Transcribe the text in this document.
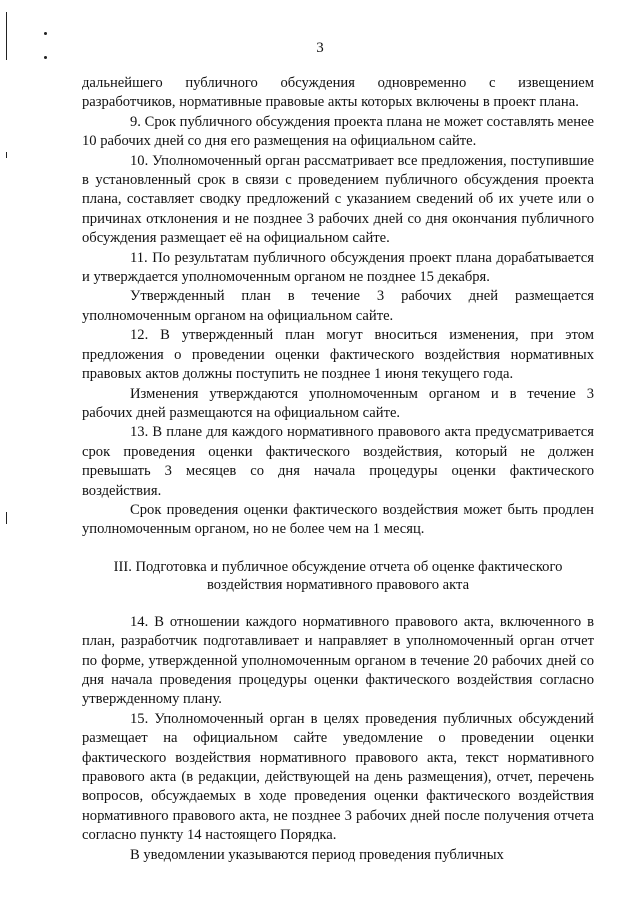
3

дальнейшего публичного обсуждения одновременно с извещением разработчиков, нормативные правовые акты которых включены в проект плана.

9. Срок публичного обсуждения проекта плана не может составлять менее 10 рабочих дней со дня его размещения на официальном сайте.

10. Уполномоченный орган рассматривает все предложения, поступившие в установленный срок в связи с проведением публичного обсуждения проекта плана, составляет сводку предложений с указанием сведений об их учете или о причинах отклонения и не позднее 3 рабочих дней со дня окончания публичного обсуждения размещает её на официальном сайте.

11. По результатам публичного обсуждения проект плана дорабатывается и утверждается уполномоченным органом не позднее 15 декабря.

Утвержденный план в течение 3 рабочих дней размещается уполномоченным органом на официальном сайте.

12. В утвержденный план могут вноситься изменения, при этом предложения о проведении оценки фактического воздействия нормативных правовых актов должны поступить не позднее 1 июня текущего года.

Изменения утверждаются уполномоченным органом и в течение 3 рабочих дней размещаются на официальном сайте.

13. В плане для каждого нормативного правового акта предусматривается срок проведения оценки фактического воздействия, который не должен превышать 3 месяцев со дня начала процедуры оценки фактического воздействия.

Срок проведения оценки фактического воздействия может быть продлен уполномоченным органом, но не более чем на 1 месяц.

III. Подготовка и публичное обсуждение отчета об оценке фактического воздействия нормативного правового акта

14. В отношении каждого нормативного правового акта, включенного в план, разработчик подготавливает и направляет в уполномоченный орган отчет по форме, утвержденной уполномоченным органом в течение 20 рабочих дней со дня начала проведения процедуры оценки фактического воздействия согласно утвержденному плану.

15. Уполномоченный орган в целях проведения публичных обсуждений размещает на официальном сайте уведомление о проведении оценки фактического воздействия нормативного правового акта, текст нормативного правового акта (в редакции, действующей на день размещения), отчет, перечень вопросов, обсуждаемых в ходе проведения оценки фактического воздействия нормативного правового акта, не позднее 3 рабочих дней после получения отчета согласно пункту 14 настоящего Порядка.

В уведомлении указываются период проведения публичных
